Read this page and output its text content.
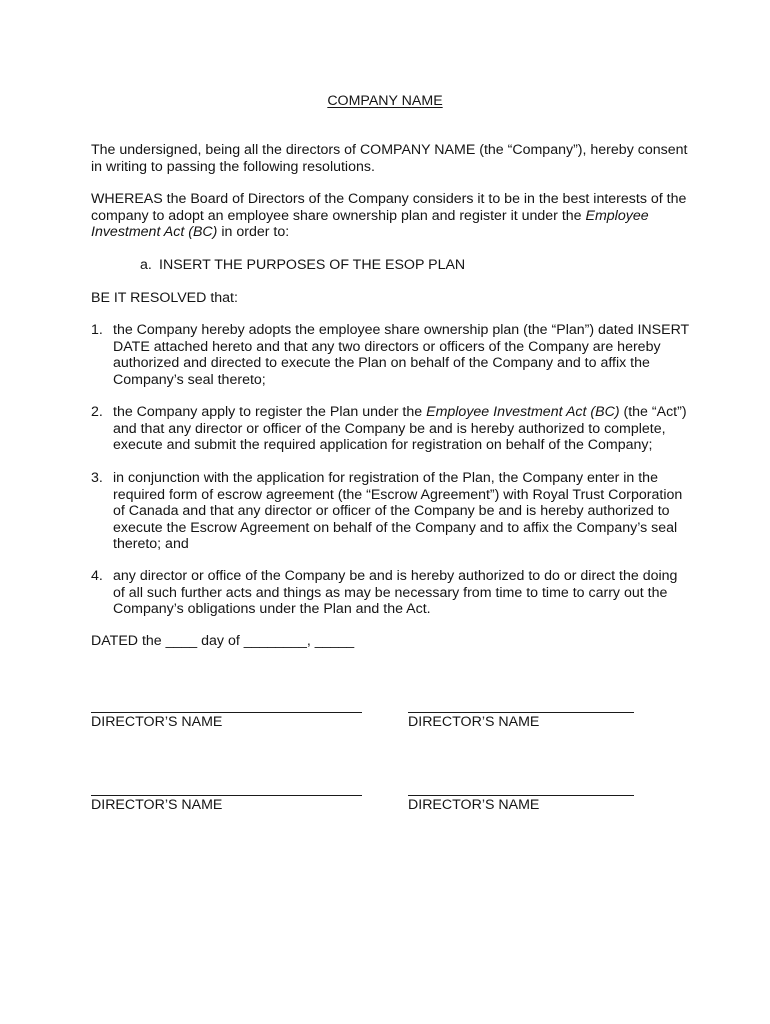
COMPANY NAME
The undersigned, being all the directors of COMPANY NAME (the “Company”), hereby consent in writing to passing the following resolutions.
WHEREAS the Board of Directors of the Company considers it to be in the best interests of the company to adopt an employee share ownership plan and register it under the Employee Investment Act (BC) in order to:
a. INSERT THE PURPOSES OF THE ESOP PLAN
BE IT RESOLVED that:
1. the Company hereby adopts the employee share ownership plan (the “Plan”) dated INSERT DATE attached hereto and that any two directors or officers of the Company are hereby authorized and directed to execute the Plan on behalf of the Company and to affix the Company’s seal thereto;
2. the Company apply to register the Plan under the Employee Investment Act (BC) (the “Act”) and that any director or officer of the Company be and is hereby authorized to complete, execute and submit the required application for registration on behalf of the Company;
3. in conjunction with the application for registration of the Plan, the Company enter in the required form of escrow agreement (the “Escrow Agreement”) with Royal Trust Corporation of Canada and that any director or officer of the Company be and is hereby authorized to execute the Escrow Agreement on behalf of the Company and to affix the Company’s seal thereto; and
4. any director or office of the Company be and is hereby authorized to do or direct the doing of all such further acts and things as may be necessary from time to time to carry out the Company’s obligations under the Plan and the Act.
DATED the ____ day of ________, _____
DIRECTOR’S NAME	DIRECTOR’S NAME
DIRECTOR’S NAME	DIRECTOR’S NAME
